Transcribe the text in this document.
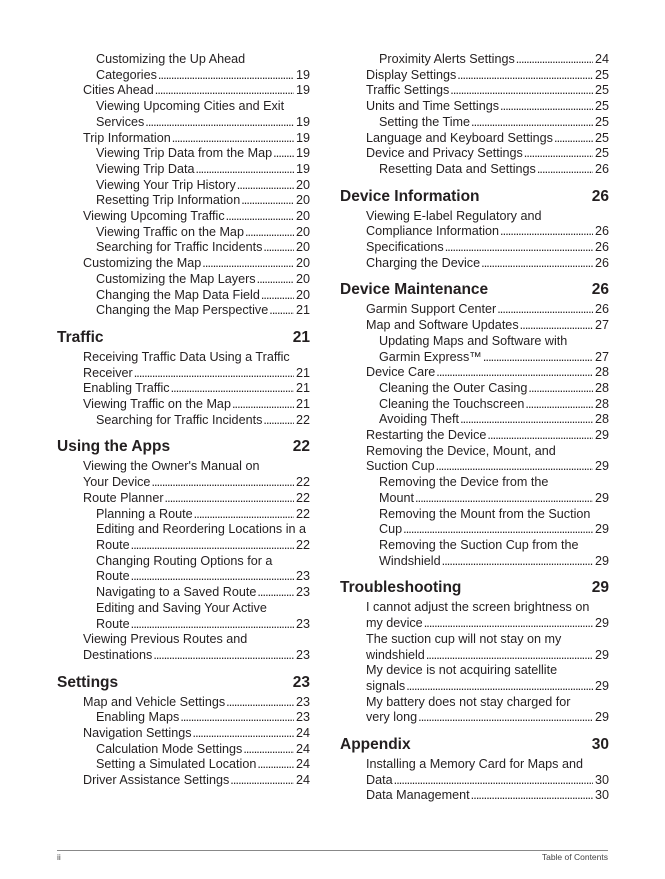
Customizing the Up Ahead
Categories . . .	19
Cities Ahead . . .	19
Viewing Upcoming Cities and Exit
Services . . .	19
Trip Information . . .	19
Viewing Trip Data from the Map . . . 19
Viewing Trip Data . . .	19
Viewing Your Trip History . . .	20
Resetting Trip Information . . .	20
Viewing Upcoming Traffic . . .	20
Viewing Traffic on the Map . . .	20
Searching for Traffic Incidents . . .	20
Customizing the Map . . .	20
Customizing the Map Layers . . .	20
Changing the Map Data Field . . .	20
Changing the Map Perspective . . . 21
Traffic	21
Receiving Traffic Data Using a Traffic
Receiver . . .	21
Enabling Traffic . . .	21
Viewing Traffic on the Map . . .	21
Searching for Traffic Incidents . . .	22
Using the Apps	22
Viewing the Owner's Manual on
Your Device . . .	22
Route Planner . . .	22
Planning a Route . . .	22
Editing and Reordering Locations in a
Route . . .	22
Changing Routing Options for a
Route . . .	23
Navigating to a Saved Route . . .	23
Editing and Saving Your Active
Route . . .	23
Viewing Previous Routes and
Destinations . . .	23
Settings	23
Map and Vehicle Settings . . .	23
Enabling Maps . . .	23
Navigation Settings . . .	24
Calculation Mode Settings . . .	24
Setting a Simulated Location . . .	24
Driver Assistance Settings . . .	24
Proximity Alerts Settings . . .	24
Display Settings . . .	25
Traffic Settings . . .	25
Units and Time Settings . . .	25
Setting the Time . . .	25
Language and Keyboard Settings . . .	25
Device and Privacy Settings . . .	25
Resetting Data and Settings . . .	26
Device Information	26
Viewing E-label Regulatory and
Compliance Information . . .	26
Specifications . . .	26
Charging the Device . . .	26
Device Maintenance	26
Garmin Support Center . . .	26
Map and Software Updates . . .	27
Updating Maps and Software with
Garmin Express™ . . .	27
Device Care . . .	28
Cleaning the Outer Casing . . .	28
Cleaning the Touchscreen . . .	28
Avoiding Theft . . .	28
Restarting the Device . . .	29
Removing the Device, Mount, and
Suction Cup . . .	29
Removing the Device from the
Mount . . .	29
Removing the Mount from the Suction
Cup . . .	29
Removing the Suction Cup from the
Windshield . . .	29
Troubleshooting	29
I cannot adjust the screen brightness on
my device . . .	29
The suction cup will not stay on my
windshield . . .	29
My device is not acquiring satellite
signals . . .	29
My battery does not stay charged for
very long . . .	29
Appendix	30
Installing a Memory Card for Maps and
Data . . .	30
Data Management . . .	30
ii	Table of Contents
